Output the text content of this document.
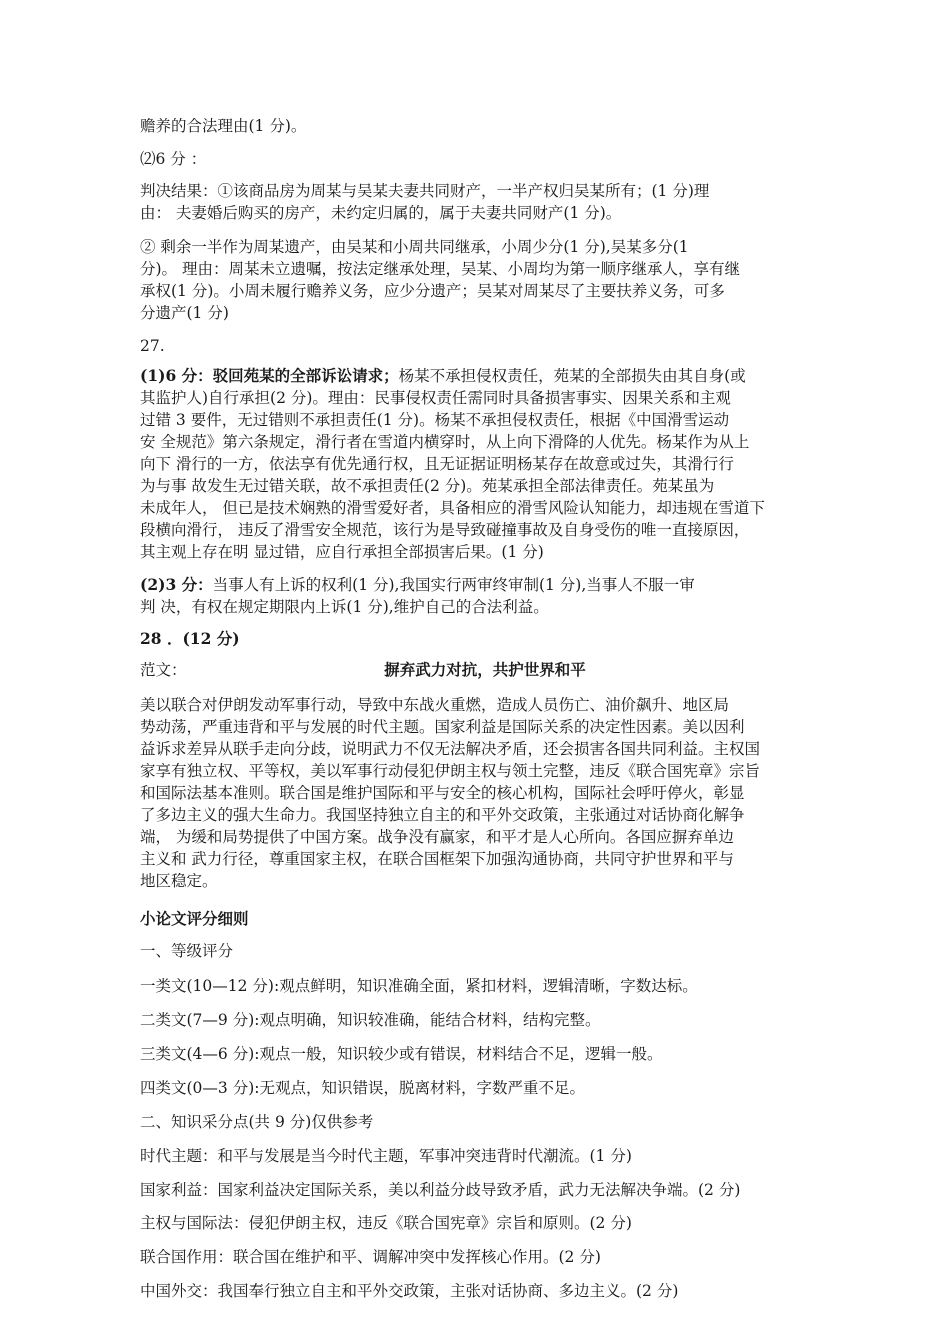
赡养的合法理由(1 分)。
⑵6 分 ：
判决结果：①该商品房为周某与吴某夫妻共同财产，一半产权归吴某所有；(1 分)理
由： 夫妻婚后购买的房产，未约定归属的，属于夫妻共同财产(1 分)。
② 剩余一半作为周某遗产，由吴某和小周共同继承，小周少分(1 分),吴某多分(1
分)。 理由：周某未立遗嘱，按法定继承处理，吴某、小周均为第一顺序继承人，享有继
承权(1 分)。小周未履行赡养义务，应少分遗产；吴某对周某尽了主要扶养义务，可多
分遗产(1 分)
27.
(1)6 分：驳回苑某的全部诉讼请求；杨某不承担侵权责任，苑某的全部损失由其自身(或
其监护人)自行承担(2 分)。理由：民事侵权责任需同时具备损害事实、因果关系和主观
过错 3 要件，无过错则不承担责任(1 分)。杨某不承担侵权责任，根据《中国滑雪运动
安 全规范》第六条规定，滑行者在雪道内横穿时，从上向下滑降的人优先。杨某作为从上
向下 滑行的一方，依法享有优先通行权，且无证据证明杨某存在故意或过失，其滑行行
为与事 故发生无过错关联，故不承担责任(2 分)。苑某承担全部法律责任。苑某虽为
未成年人， 但已是技术娴熟的滑雪爱好者，具备相应的滑雪风险认知能力，却违规在雪道下
段横向滑行， 违反了滑雪安全规范，该行为是导致碰撞事故及自身受伤的唯一直接原因，
其主观上存在明 显过错，应自行承担全部损害后果。(1 分)
(2)3 分：当事人有上诉的权利(1 分),我国实行两审终审制(1 分),当事人不服一审
判 决，有权在规定期限内上诉(1 分),维护自己的合法利益。
28 ．(12 分)
范文：	摒弃武力对抗，共护世界和平
美以联合对伊朗发动军事行动，导致中东战火重燃，造成人员伤亡、油价飙升、地区局
势动荡，严重违背和平与发展的时代主题。国家利益是国际关系的决定性因素。美以因利
益诉求差异从联手走向分歧，说明武力不仅无法解决矛盾，还会损害各国共同利益。主权国
家享有独立权、平等权，美以军事行动侵犯伊朗主权与领土完整，违反《联合国宪章》宗旨
和国际法基本准则。联合国是维护国际和平与安全的核心机构，国际社会呼吁停火，彰显
了多边主义的强大生命力。我国坚持独立自主的和平外交政策，主张通过对话协商化解争
端， 为缓和局势提供了中国方案。战争没有赢家，和平才是人心所向。各国应摒弃单边
主义和 武力行径，尊重国家主权，在联合国框架下加强沟通协商，共同守护世界和平与
地区稳定。
小论文评分细则
一、等级评分
一类文(10—12 分):观点鲜明，知识准确全面，紧扣材料，逻辑清晰，字数达标。
二类文(7—9 分):观点明确，知识较准确，能结合材料，结构完整。
三类文(4—6 分):观点一般，知识较少或有错误，材料结合不足，逻辑一般。
四类文(0—3 分):无观点，知识错误，脱离材料，字数严重不足。
二、知识采分点(共 9 分)仅供参考
时代主题：和平与发展是当今时代主题，军事冲突违背时代潮流。(1 分)
国家利益：国家利益决定国际关系，美以利益分歧导致矛盾，武力无法解决争端。(2 分)
主权与国际法：侵犯伊朗主权，违反《联合国宪章》宗旨和原则。(2 分)
联合国作用：联合国在维护和平、调解冲突中发挥核心作用。(2 分)
中国外交：我国奉行独立自主和平外交政策，主张对话协商、多边主义。(2 分)
